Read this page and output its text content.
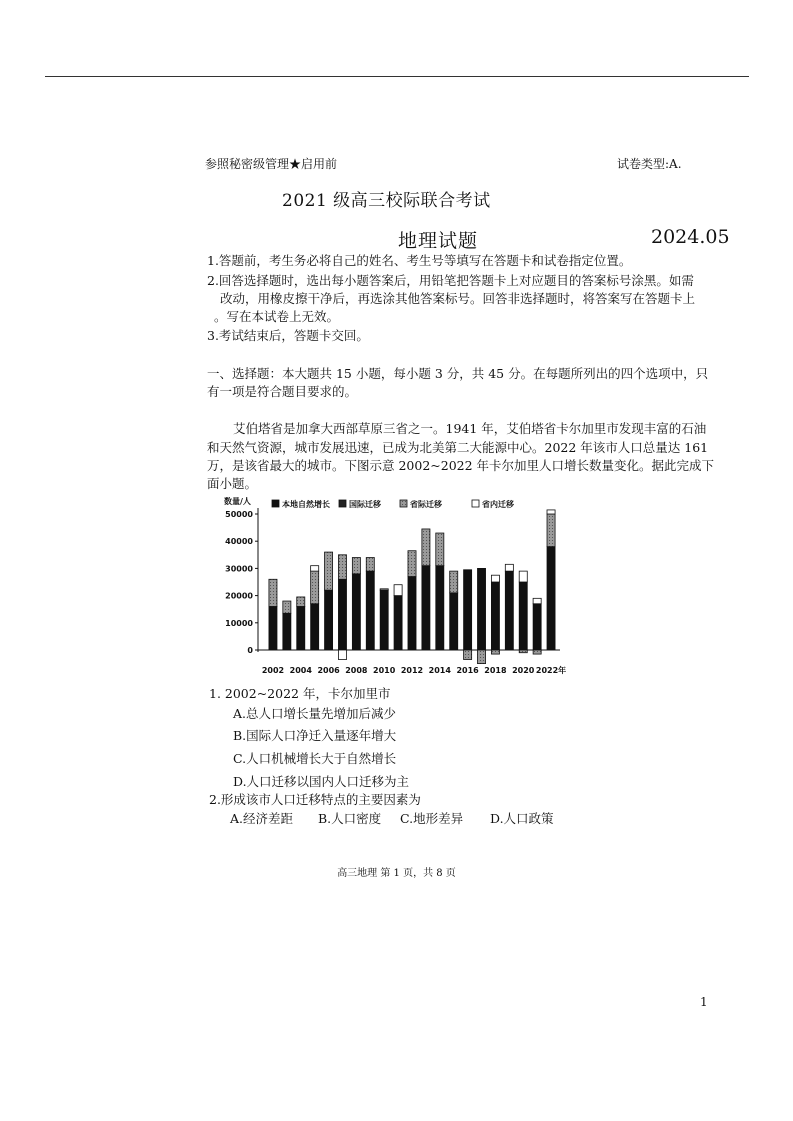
参照秘密级管理★启用前	试卷类型:A.
2021 级高三校际联合考试
地理试题	2024.05
1.答题前，考生务必将自己的姓名、考生号等填写在答题卡和试卷指定位置。
2.回答选择题时，选出每小题答案后，用铅笔把答题卡上对应题目的答案标号涂黑。如需
改动，用橡皮擦干净后，再选涂其他答案标号。回答非选择题时，将答案写在答题卡上
。写在本试卷上无效。
3.考试结束后，答题卡交回。
一、选择题：本大题共 15 小题，每小题 3 分，共 45 分。在每题所列出的四个选项中，只
有一项是符合题目要求的。
艾伯塔省是加拿大西部草原三省之一。1941 年，艾伯塔省卡尔加里市发现丰富的石油
和天然气资源，城市发展迅速，已成为北美第二大能源中心。2022 年该市人口总量达 161
万，是该省最大的城市。下图示意 2002~2022 年卡尔加里人口增长数量变化。据此完成下
面小题。
数量/人	本地自然增长 国际迁移	省际迁移	省内迁移
0
10000
20000
30000
40000
50000
2002 2004 2006 2008 2010 2012 2014 2016 2018 2020 2022年
1. 2002~2022 年，卡尔加里市
A.总人口增长量先增加后减少
B.国际人口净迁入量逐年增大
C.人口机械增长大于自然增长
D.人口迁移以国内人口迁移为主
2.形成该市人口迁移特点的主要因素为
A.经济差距 B.人口密度 C.地形差异 D.人口政策
高三地理 第 1 页，共 8 页
1
